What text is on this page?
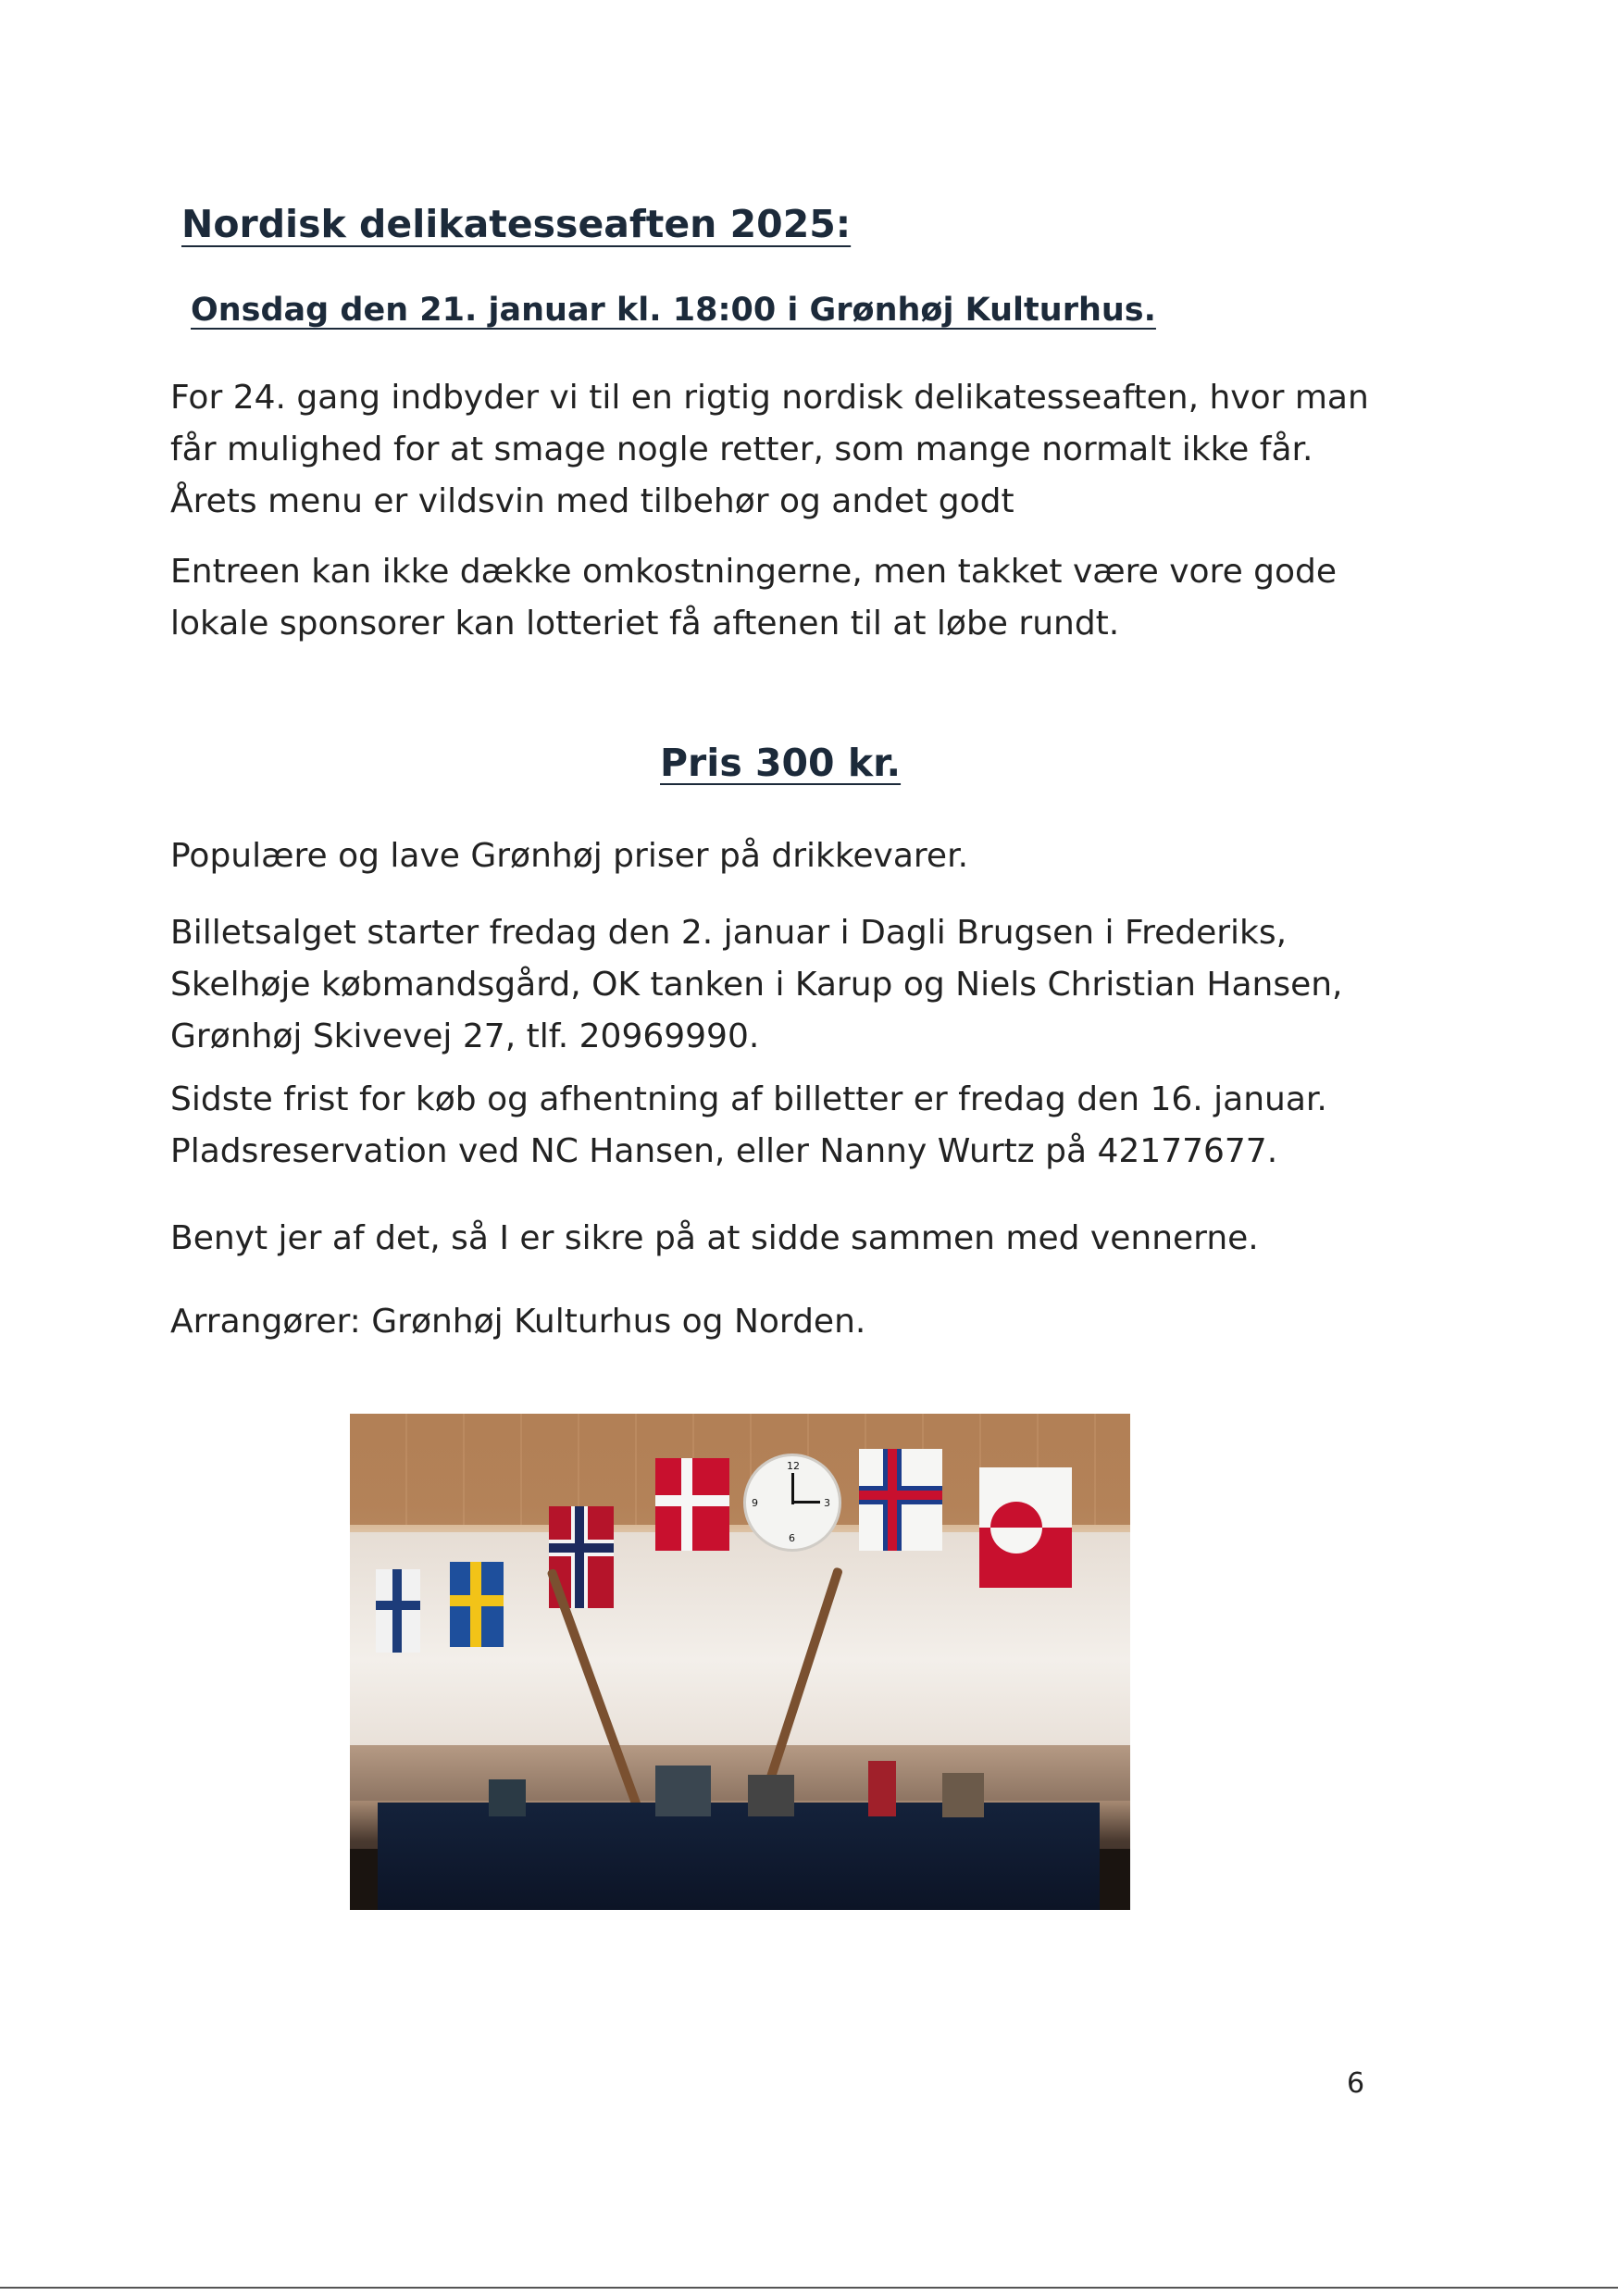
Nordisk delikatesseaften 2025:
Onsdag den 21. januar kl. 18:00 i Grønhøj Kulturhus.

For 24. gang indbyder vi til en rigtig nordisk delikatesseaften, hvor man får mulighed for at smage nogle retter, som mange normalt ikke får. Årets menu er vildsvin med tilbehør og andet godt

Entreen kan ikke dække omkostningerne, men takket være vore gode lokale sponsorer kan lotteriet få aftenen til at løbe rundt.

Pris 300 kr.

Populære og lave Grønhøj priser på drikkevarer.

Billetsalget starter fredag den 2. januar i Dagli Brugsen i Frederiks, Skelhøje købmandsgård, OK tanken i Karup og Niels Christian Hansen, Grønhøj Skivevej 27, tlf. 20969990.

Sidste frist for køb og afhentning af billetter er fredag den 16. januar. Pladsreservation ved NC Hansen, eller Nanny Wurtz på 42177677.

Benyt jer af det, så I er sikre på at sidde sammen med vennerne.

Arrangører: Grønhøj Kulturhus og Norden.

12
3
6
9
6
